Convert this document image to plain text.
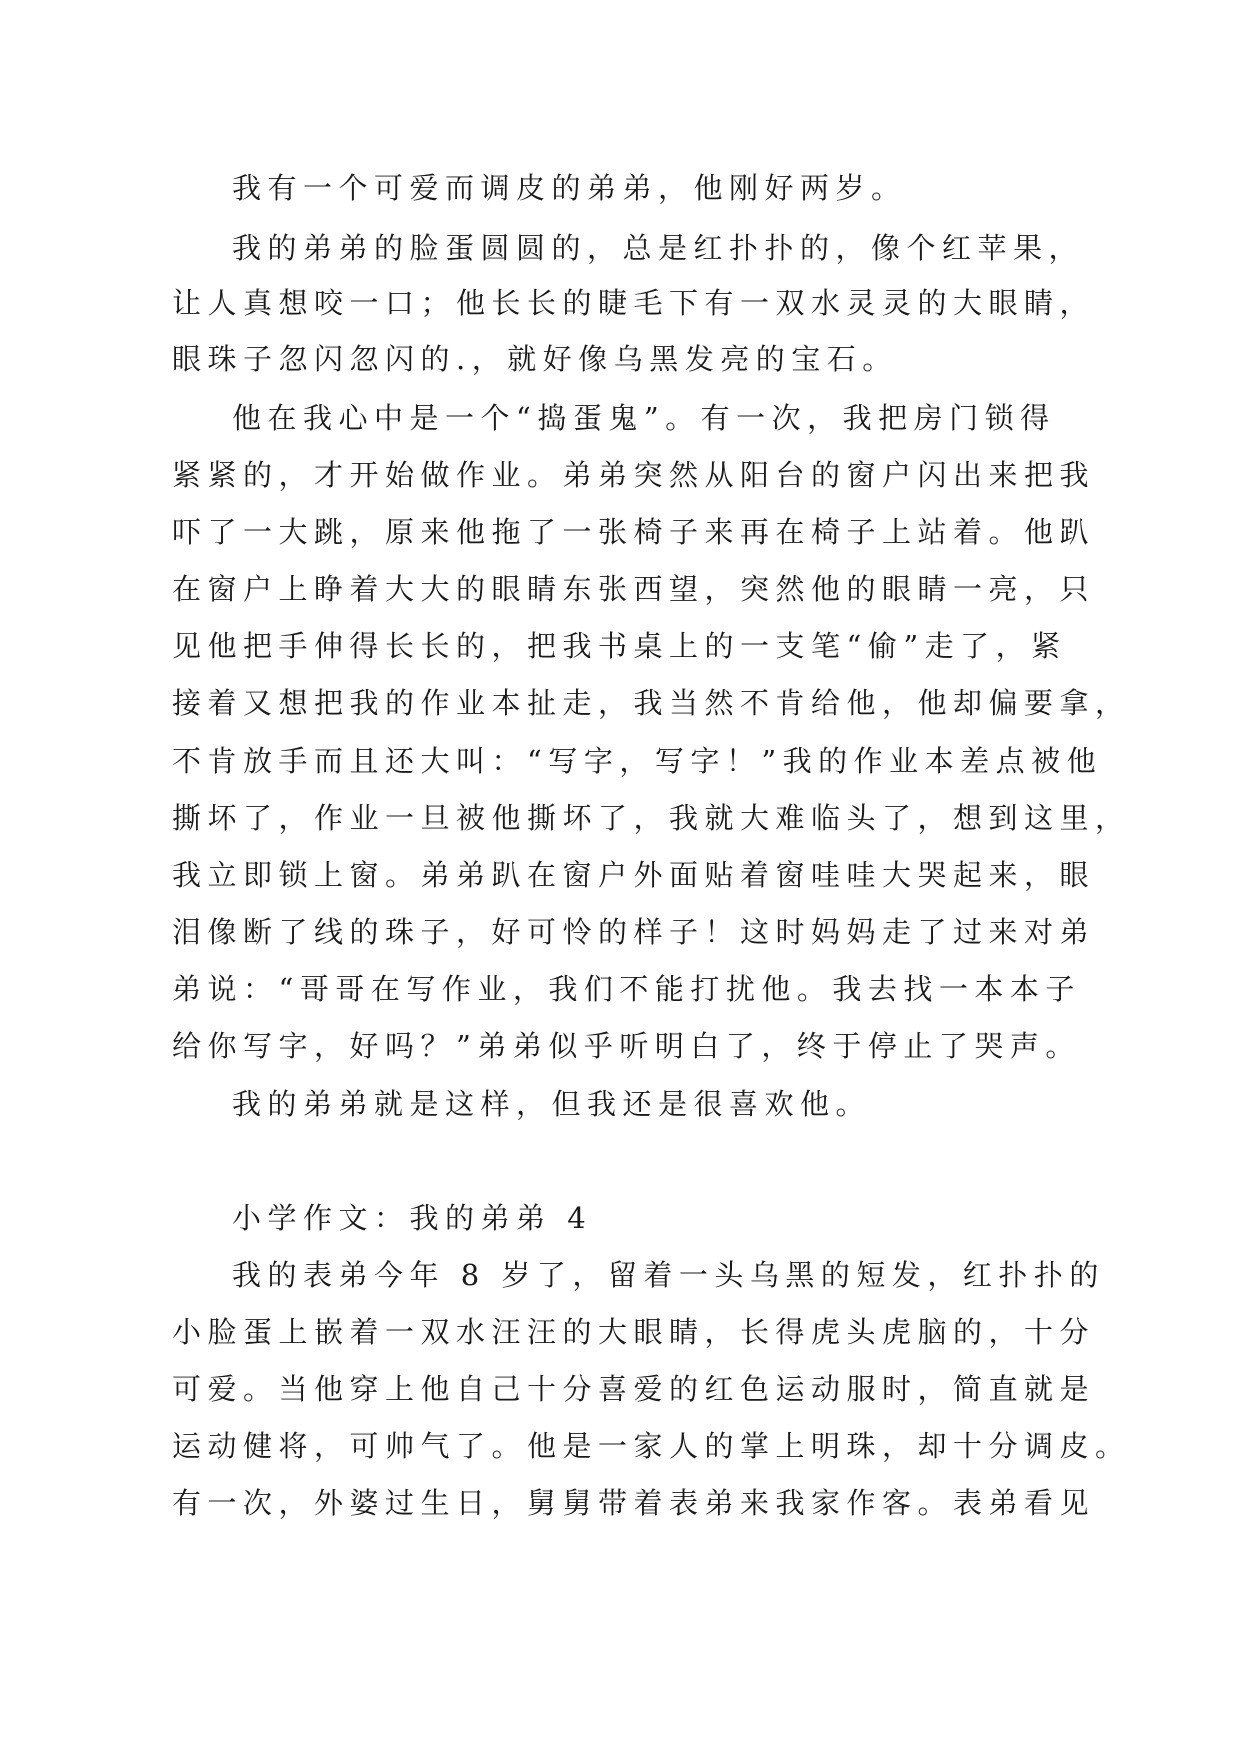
我有一个可爱而调皮的弟弟，他刚好两岁。

我的弟弟的脸蛋圆圆的，总是红扑扑的，像个红苹果，

让人真想咬一口；他长长的睫毛下有一双水灵灵的大眼睛，

眼珠子忽闪忽闪的.，就好像乌黑发亮的宝石。

他在我心中是一个“捣蛋鬼”。有一次，我把房门锁得

紧紧的，才开始做作业。弟弟突然从阳台的窗户闪出来把我

吓了一大跳，原来他拖了一张椅子来再在椅子上站着。他趴

在窗户上睁着大大的眼睛东张西望，突然他的眼睛一亮，只

见他把手伸得长长的，把我书桌上的一支笔“偷”走了，紧

接着又想把我的作业本扯走，我当然不肯给他，他却偏要拿，

不肯放手而且还大叫：“写字，写字！”我的作业本差点被他

撕坏了，作业一旦被他撕坏了，我就大难临头了，想到这里，

我立即锁上窗。弟弟趴在窗户外面贴着窗哇哇大哭起来，眼

泪像断了线的珠子，好可怜的样子！这时妈妈走了过来对弟

弟说：“哥哥在写作业，我们不能打扰他。我去找一本本子

给你写字，好吗？”弟弟似乎听明白了，终于停止了哭声。

我的弟弟就是这样，但我还是很喜欢他。

小学作文：我的弟弟 4

我的表弟今年 8 岁了，留着一头乌黑的短发，红扑扑的

小脸蛋上嵌着一双水汪汪的大眼睛，长得虎头虎脑的，十分

可爱。当他穿上他自己十分喜爱的红色运动服时，简直就是

运动健将，可帅气了。他是一家人的掌上明珠，却十分调皮。

有一次，外婆过生日，舅舅带着表弟来我家作客。表弟看见
